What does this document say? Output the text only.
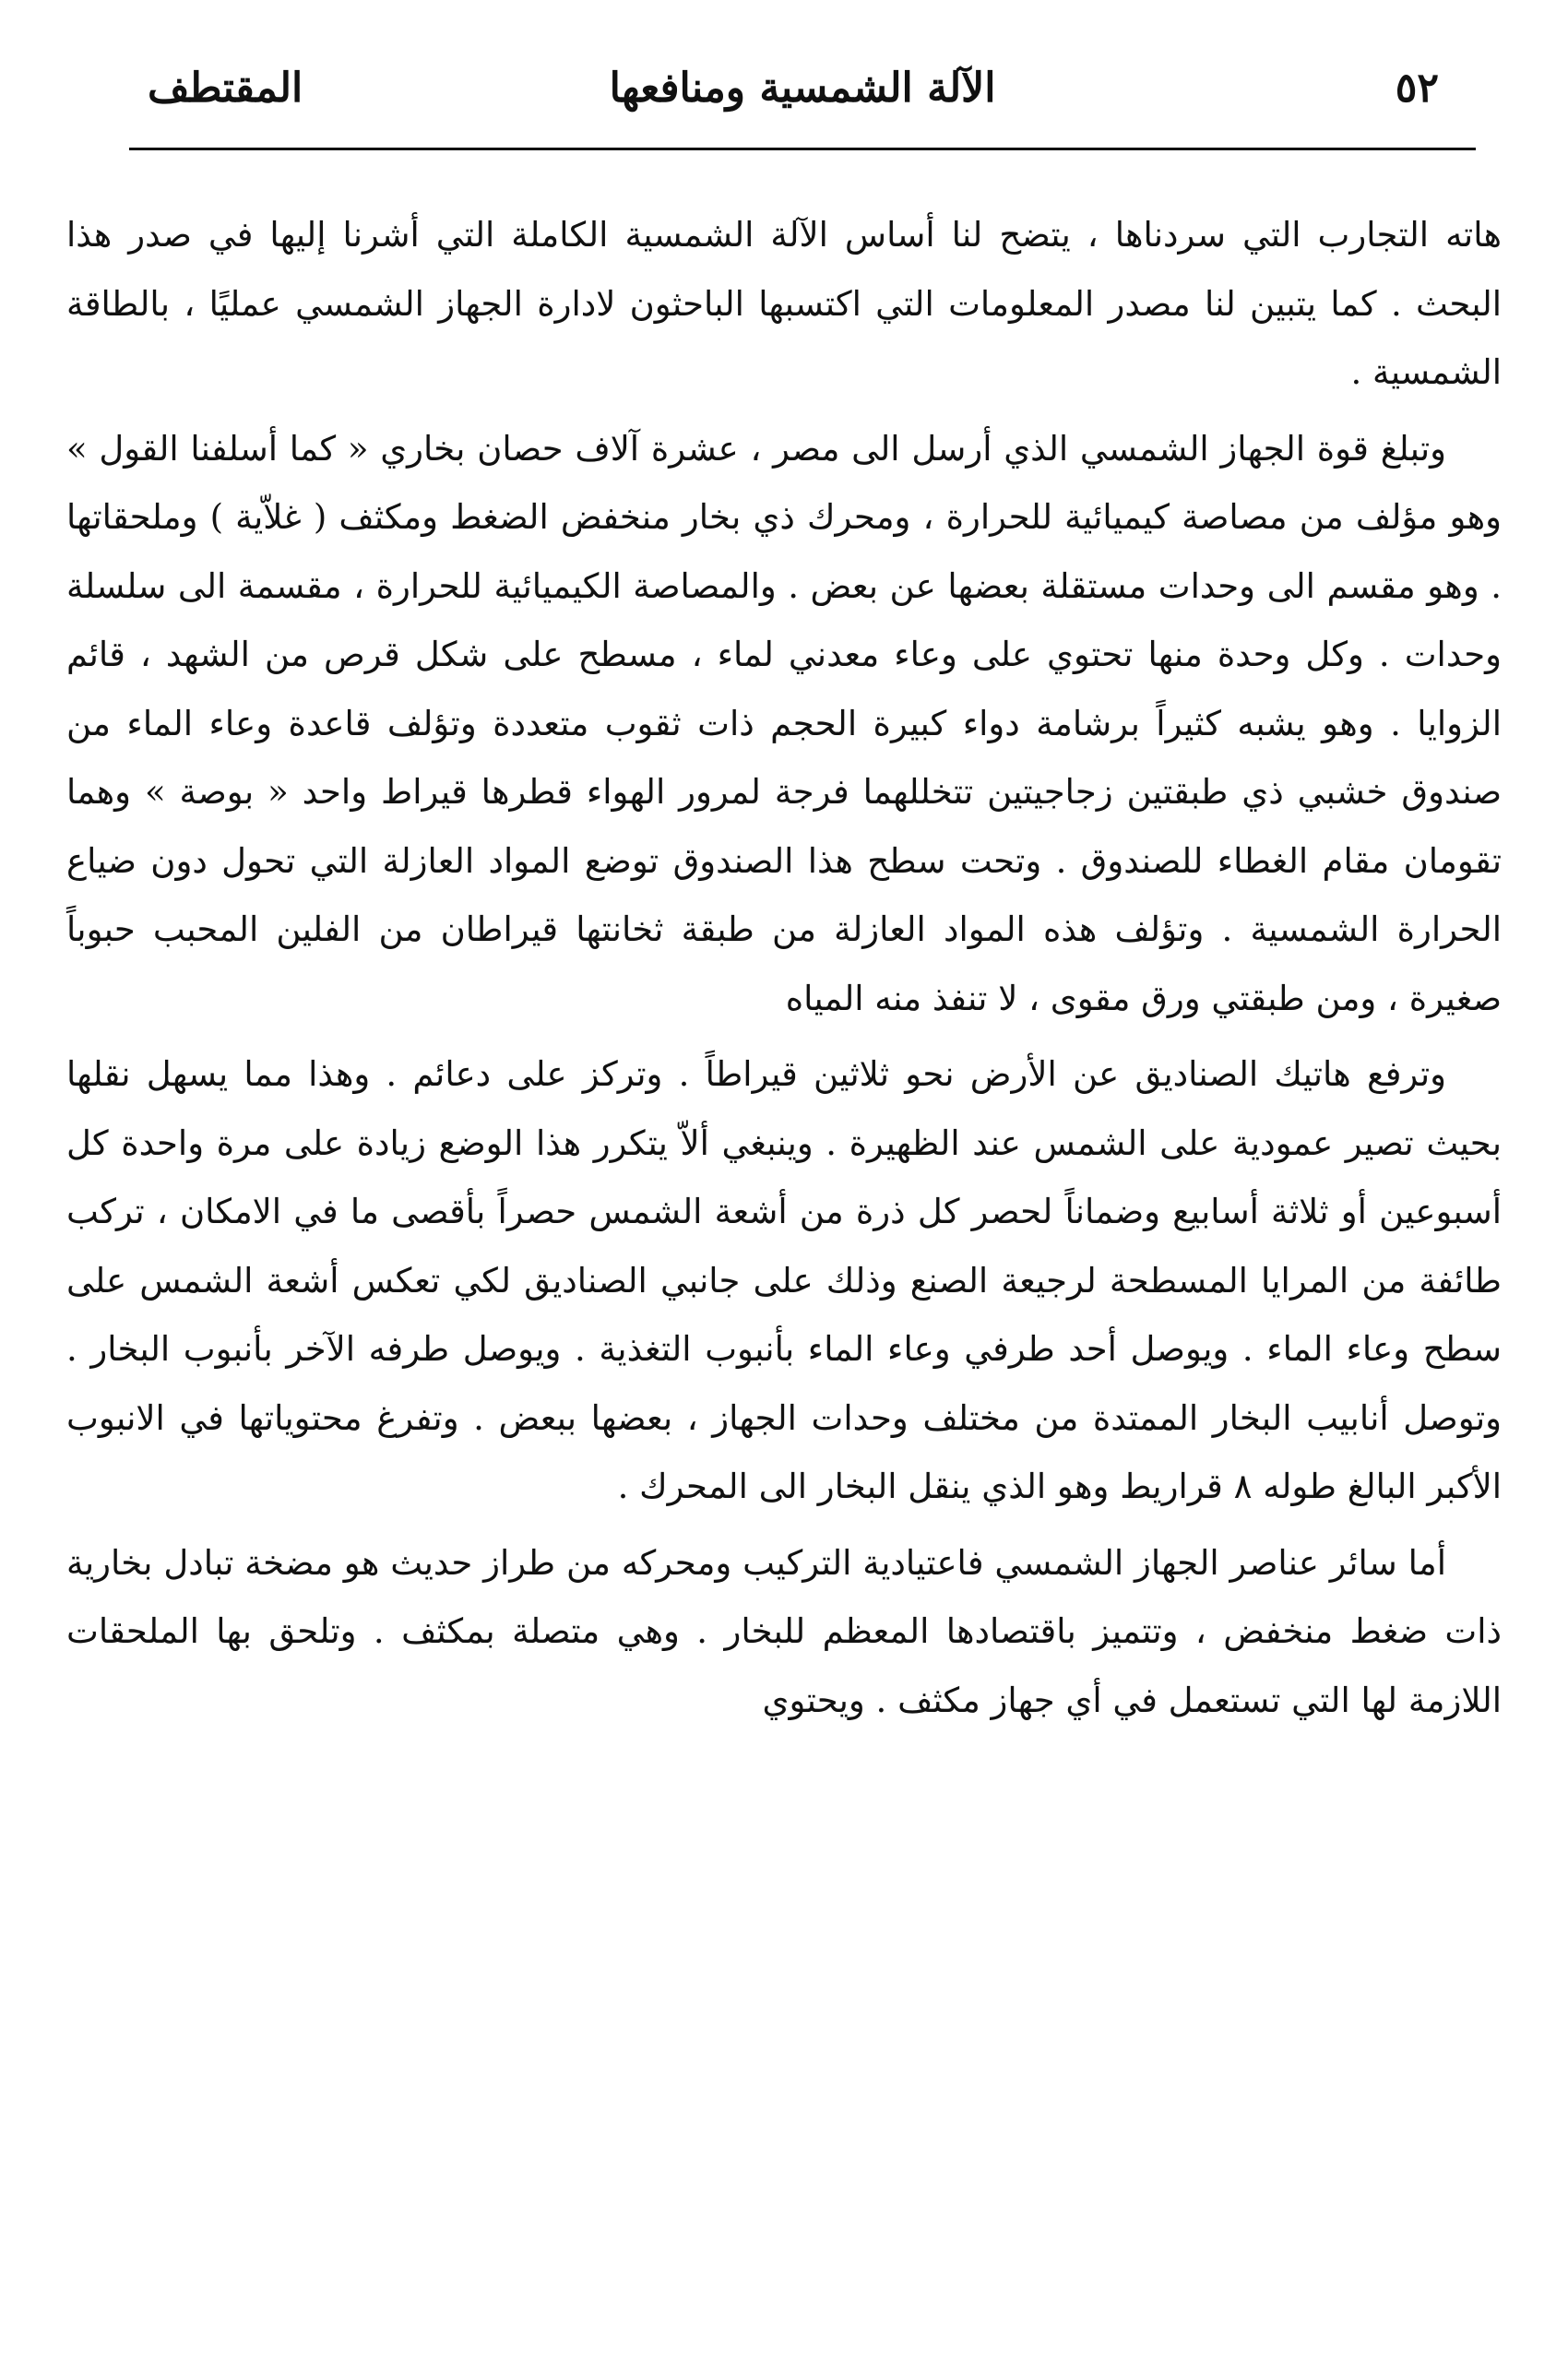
٥٢
الآلة الشمسية ومنافعها
المقتطف

هاته التجارب التي سردناها ، يتضح لنا أساس الآلة الشمسية الكاملة التي أشرنا إليها في صدر هذا البحث . كما يتبين لنا مصدر المعلومات التي اكتسبها الباحثون لادارة الجهاز الشمسي عمليًا ، بالطاقة الشمسية .

وتبلغ قوة الجهاز الشمسي الذي أرسل الى مصر ، عشرة آلاف حصان بخاري « كما أسلفنا القول » وهو مؤلف من مصاصة كيميائية للحرارة ، ومحرك ذي بخار منخفض الضغط ومكثف ( غلاّية ) وملحقاتها . وهو مقسم الى وحدات مستقلة بعضها عن بعض . والمصاصة الكيميائية للحرارة ، مقسمة الى سلسلة وحدات . وكل وحدة منها تحتوي على وعاء معدني لماء ، مسطح على شكل قرص من الشهد ، قائم الزوايا . وهو يشبه كثيراً برشامة دواء كبيرة الحجم ذات ثقوب متعددة وتؤلف قاعدة وعاء الماء من صندوق خشبي ذي طبقتين زجاجيتين تتخللهما فرجة لمرور الهواء قطرها قيراط واحد « بوصة » وهما تقومان مقام الغطاء للصندوق . وتحت سطح هذا الصندوق توضع المواد العازلة التي تحول دون ضياع الحرارة الشمسية . وتؤلف هذه المواد العازلة من طبقة ثخانتها قيراطان من الفلين المحبب حبوباً صغيرة ، ومن طبقتي ورق مقوى ، لا تنفذ منه المياه

وترفع هاتيك الصناديق عن الأرض نحو ثلاثين قيراطاً . وتركز على دعائم . وهذا مما يسهل نقلها بحيث تصير عمودية على الشمس عند الظهيرة . وينبغي ألاّ يتكرر هذا الوضع زيادة على مرة واحدة كل أسبوعين أو ثلاثة أسابيع وضماناً لحصر كل ذرة من أشعة الشمس حصراً بأقصى ما في الامكان ، تركب طائفة من المرايا المسطحة لرجيعة الصنع وذلك على جانبي الصناديق لكي تعكس أشعة الشمس على سطح وعاء الماء . ويوصل أحد طرفي وعاء الماء بأنبوب التغذية . ويوصل طرفه الآخر بأنبوب البخار . وتوصل أنابيب البخار الممتدة من مختلف وحدات الجهاز ، بعضها ببعض . وتفرغ محتوياتها في الانبوب الأكبر البالغ طوله ٨ قراريط وهو الذي ينقل البخار الى المحرك .

أما سائر عناصر الجهاز الشمسي فاعتيادية التركيب ومحركه من طراز حديث هو مضخة تبادل بخارية ذات ضغط منخفض ، وتتميز باقتصادها المعظم للبخار . وهي متصلة بمكثف . وتلحق بها الملحقات اللازمة لها التي تستعمل في أي جهاز مكثف . ويحتوي
